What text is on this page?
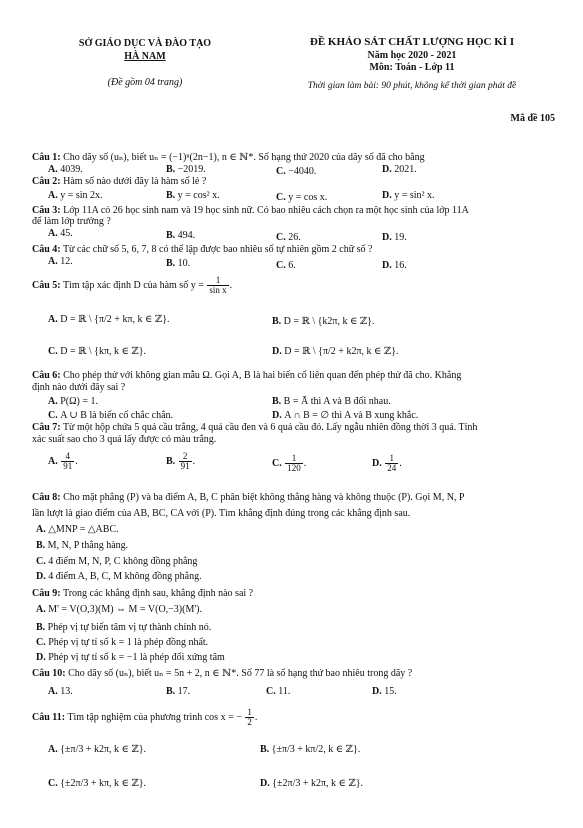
SỞ GIÁO DỤC VÀ ĐÀO TẠO
HÀ NAM
(Đề gồm 04 trang)
ĐỀ KHẢO SÁT CHẤT LƯỢNG HỌC KÌ I
Năm học 2020 - 2021
Môn: Toán - Lớp 11
Thời gian làm bài: 90 phút, không kể thời gian phát đề
Mã đề 105
Câu 1: Cho dãy số (uₙ), biết uₙ = (−1)ⁿ(2n−1), n ∈ ℕ*. Số hạng thứ 2020 của dãy số đã cho bằng
A. 4039.	B. −2019.	C. −4040.	D. 2021.
Câu 2: Hàm số nào dưới đây là hàm số lẻ ?
A. y = sin 2x.	B. y = cos² x.	C. y = cos x.	D. y = sin² x.
Câu 3: Lớp 11A có 26 học sinh nam và 19 học sinh nữ. Có bao nhiêu cách chọn ra một học sinh của lớp 11A
để làm lớp trưởng ?
A. 45.	B. 494.	C. 26.	D. 19.
Câu 4: Từ các chữ số 5, 6, 7, 8 có thể lập được bao nhiêu số tự nhiên gồm 2 chữ số ?
A. 12.	B. 10.	C. 6.	D. 16.
Câu 5: Tìm tập xác định D của hàm số $y = \frac{1}{\text{sin x}}$ .
A. D = ℝ \ {π/2 + kπ, k ∈ ℤ}.	B. D = ℝ \ {k2π, k ∈ ℤ}.
C. D = ℝ \ {kπ, k ∈ ℤ}.	D. D = ℝ \ {π/2 + k2π, k ∈ ℤ}.
Câu 6: Cho phép thử với không gian mẫu Ω. Gọi A, B là hai biến cố liên quan đến phép thử đã cho. Khẳng
định nào dưới đây sai ?
A. P(Ω) = 1.	B. B = Ā thì A và B đối nhau.
C. A ∪ B là biến cố chắc chắn.	D. A ∩ B = ∅ thì A và B xung khắc.
Câu 7: Từ một hộp chứa 5 quả cầu trắng, 4 quả cầu đen và 6 quả cầu đỏ. Lấy ngẫu nhiên đồng thời 3 quả. Tính
xác suất sao cho 3 quả lấy được có màu trắng.
A. $\frac{4}{91}$ .	B. $\frac{2}{91}$ .	C. $\frac{1}{120}$ .	D. $\frac{1}{24}$ .
Câu 8: Cho mặt phẳng (P) và ba điểm A, B, C phân biệt không thẳng hàng và không thuộc (P). Gọi M, N, P
lần lượt là giao điểm của AB, BC, CA với (P). Tìm khẳng định đúng trong các khẳng định sau.
A. △MNP = △ABC.
B. M, N, P thẳng hàng.
C. 4 điểm M, N, P, C không đồng phẳng
D. 4 điểm A, B, C, M không đồng phẳng.
Câu 9: Trong các khẳng định sau, khẳng định nào sai ?
A. M' = V(O,3)(M) ⇔ M = V(O,−3)(M').
B. Phép vị tự biến tâm vị tự thành chính nó.
C. Phép vị tự tỉ số k = 1 là phép đồng nhất.
D. Phép vị tự tỉ số k = −1 là phép đối xứng tâm
Câu 10: Cho dãy số (uₙ), biết uₙ = 5n + 2, n ∈ ℕ*. Số 77 là số hạng thứ bao nhiêu trong dãy ?
A. 13.	B. 17.	C. 11.	D. 15.
Câu 11: Tìm tập nghiệm của phương trình cos x = − $\frac{1}{2}$ .
A. {±π/3 + k2π, k ∈ ℤ}.	B. {±π/3 + kπ/2, k ∈ ℤ}.
C. {±2π/3 + kπ, k ∈ ℤ}.	D. {±2π/3 + k2π, k ∈ ℤ}.
